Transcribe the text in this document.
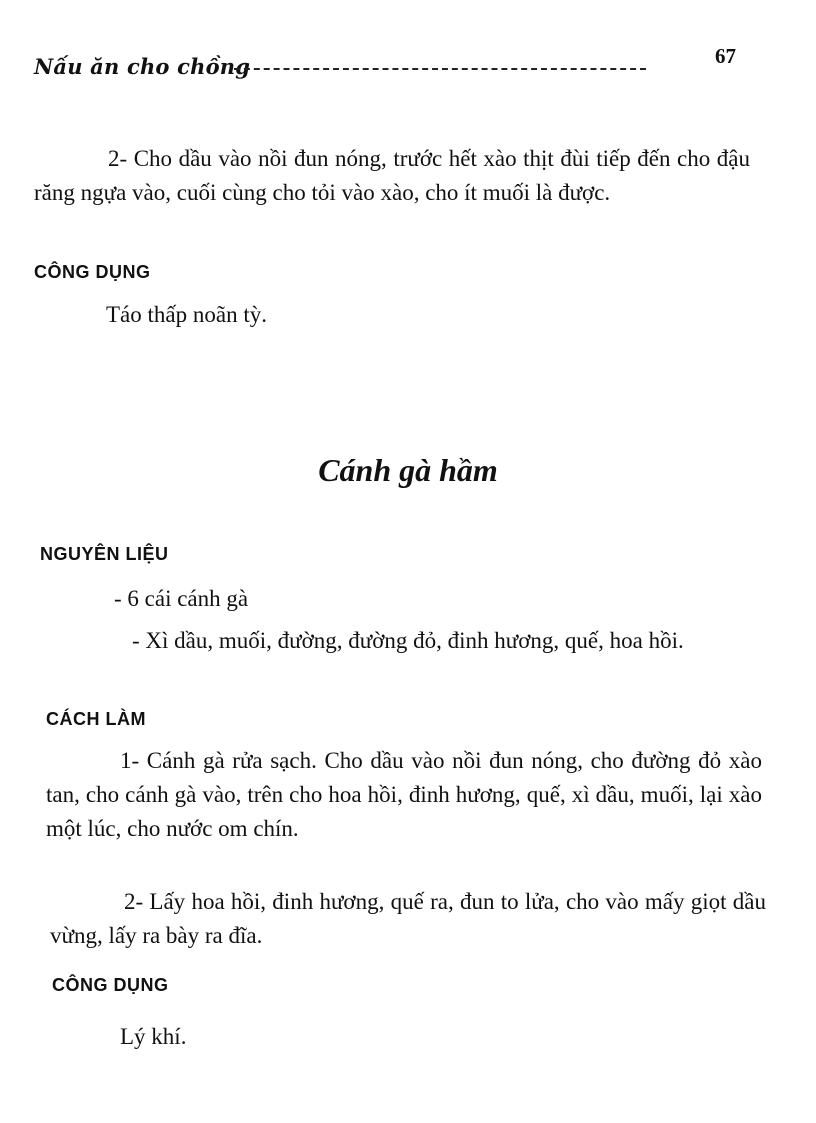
Nấu ăn cho chồng	67

2- Cho dầu vào nồi đun nóng, trước hết xào thịt đùi tiếp đến cho đậu răng ngựa vào, cuối cùng cho tỏi vào xào, cho ít muối là được.

CÔNG DỤNG

Táo thấp noãn tỳ.

Cánh gà hầm
NGUYÊN LIỆU

- 6 cái cánh gà

- Xì dầu, muối, đường, đường đỏ, đinh hương, quế, hoa hồi.

CÁCH LÀM

1- Cánh gà rửa sạch. Cho dầu vào nồi đun nóng, cho đường đỏ xào tan, cho cánh gà vào, trên cho hoa hồi, đinh hương, quế, xì dầu, muối, lại xào một lúc, cho nước om chín.

2- Lấy hoa hồi, đinh hương, quế ra, đun to lửa, cho vào mấy giọt dầu vừng, lấy ra bày ra đĩa.

CÔNG DỤNG

Lý khí.
